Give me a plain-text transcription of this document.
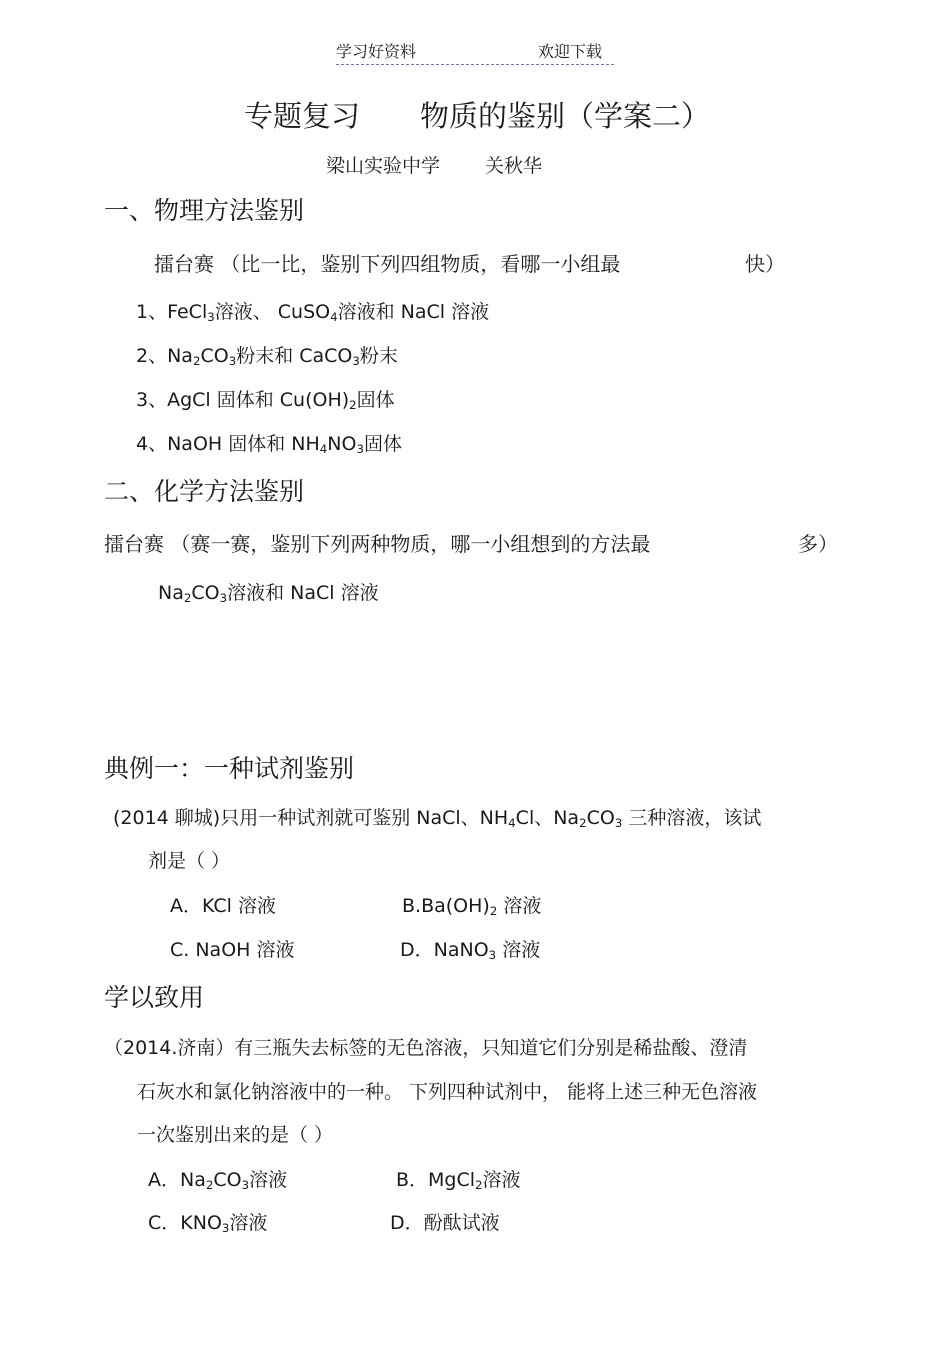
学习好资料	欢迎下载
专题复习 物质的鉴别（学案二）
梁山实验中学 关秋华
一、物理方法鉴别
擂台赛 （比一比，鉴别下列四组物质，看哪一小组最	快）
1、FeCl$_3$溶液、 CuSO$_4$溶液和 NaCl 溶液
2、$Na_2CO_3$粉末和 CaCO$_3$粉末
3、AgCl 固体和 $Cu(OH)_2$固体
4、NaOH 固体和 $NH_4NO_3$固体
二、化学方法鉴别
擂台赛 （赛一赛，鉴别下列两种物质，哪一小组想到的方法最	多）
$Na_2CO_3$溶液和 NaCl 溶液
典例一：一种试剂鉴别
(2014 聊城)只用一种试剂就可鉴别 NaCl、$NH_4Cl$、$Na_2CO_3$ 三种溶液，该试
剂是（ ）
A．KCl 溶液	$B.Ba(OH)_2$ 溶液
C. NaOH 溶液	D．NaNO$_3$ 溶液
学以致用
（2014.济南）有三瓶失去标签的无色溶液，只知道它们分别是稀盐酸、澄清
石灰水和氯化钠溶液中的一种。 下列四种试剂中， 能将上述三种无色溶液
一次鉴别出来的是（ ）
A．$Na_2CO_3$溶液	B．MgCl$_2$溶液
C．$KNO_3$溶液	D．酚酞试液
